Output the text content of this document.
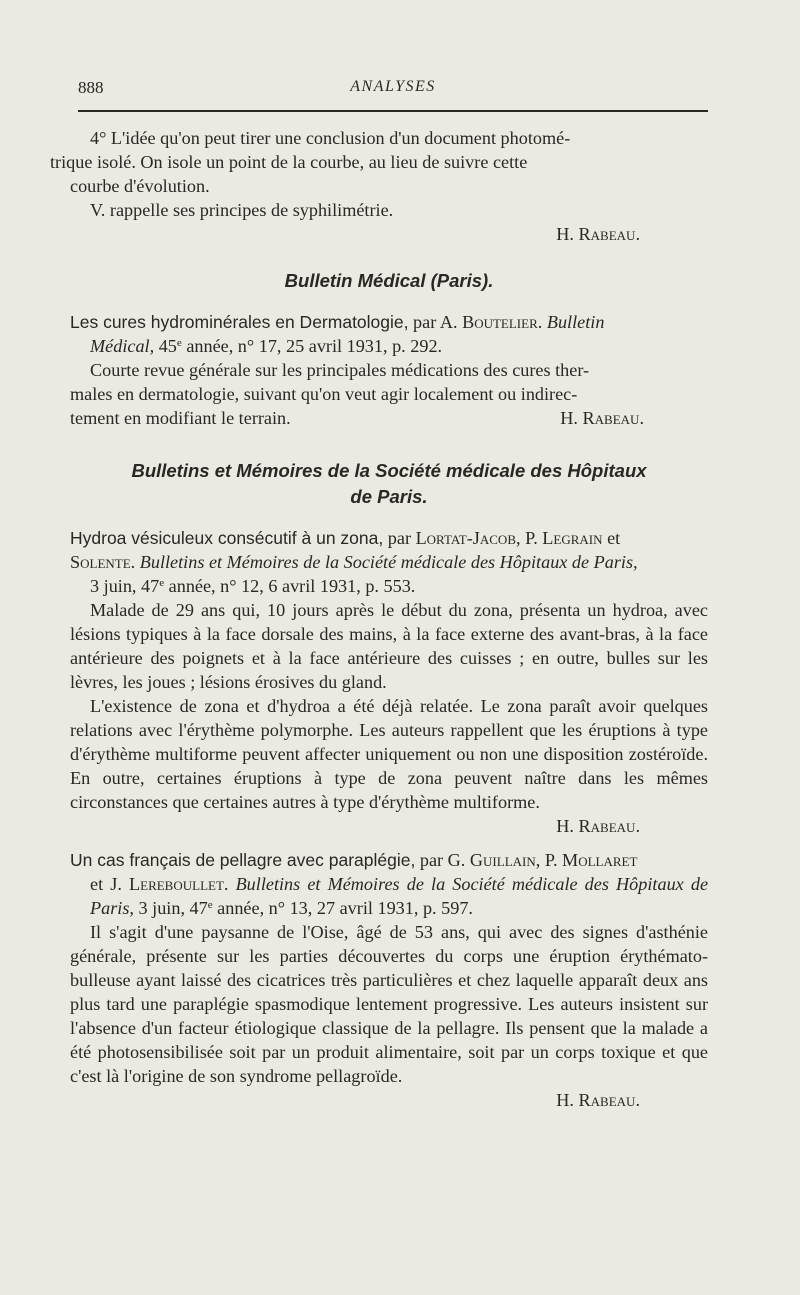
888	ANALYSES

4° L'idée qu'on peut tirer une conclusion d'un document photomé-
trique isolé. On isole un point de la courbe, au lieu de suivre cette
courbe d'évolution.

V. rappelle ses principes de syphilimétrie.

H. Rabeau.

Bulletin Médical (Paris).

Les cures hydrominérales en Dermatologie, par A. Boutelier. Bulletin
Médical, 45e année, n° 17, 25 avril 1931, p. 292.

Courte revue générale sur les principales médications des cures ther-
males en dermatologie, suivant qu'on veut agir localement ou indirec-
tement en modifiant le terrain.	H. Rabeau.

Bulletins et Mémoires de la Société médicale des Hôpitaux
de Paris.

Hydroa vésiculeux consécutif à un zona, par Lortat-Jacob, P. Legrain et
Solente. Bulletins et Mémoires de la Société médicale des Hôpitaux de Paris,
3 juin, 47e année, n° 12, 6 avril 1931, p. 553.

Malade de 29 ans qui, 10 jours après le début du zona, présenta un hydroa, avec lésions typiques à la face dorsale des mains, à la face externe des avant-bras, à la face antérieure des poignets et à la face antérieure des cuisses ; en outre, bulles sur les lèvres, les joues ; lésions érosives du gland.

L'existence de zona et d'hydroa a été déjà relatée. Le zona paraît avoir quelques relations avec l'érythème polymorphe. Les auteurs rappellent que les éruptions à type d'érythème multiforme peuvent affecter uniquement ou non une disposition zostéroïde. En outre, certaines éruptions à type de zona peuvent naître dans les mêmes circonstances que certaines autres à type d'érythème multiforme.

H. Rabeau.

Un cas français de pellagre avec paraplégie, par G. Guillain, P. Mollaret
et J. Lereboullet. Bulletins et Mémoires de la Société médicale des Hôpitaux de Paris, 3 juin, 47e année, n° 13, 27 avril 1931, p. 597.

Il s'agit d'une paysanne de l'Oise, âgé de 53 ans, qui avec des signes d'asthénie générale, présente sur les parties découvertes du corps une éruption érythémato-bulleuse ayant laissé des cicatrices très particulières et chez laquelle apparaît deux ans plus tard une paraplégie spasmodique lentement progressive. Les auteurs insistent sur l'absence d'un facteur étiologique classique de la pellagre. Ils pensent que la malade a été photosensibilisée soit par un produit alimentaire, soit par un corps toxique et que c'est là l'origine de son syndrome pellagroïde.

H. Rabeau.
